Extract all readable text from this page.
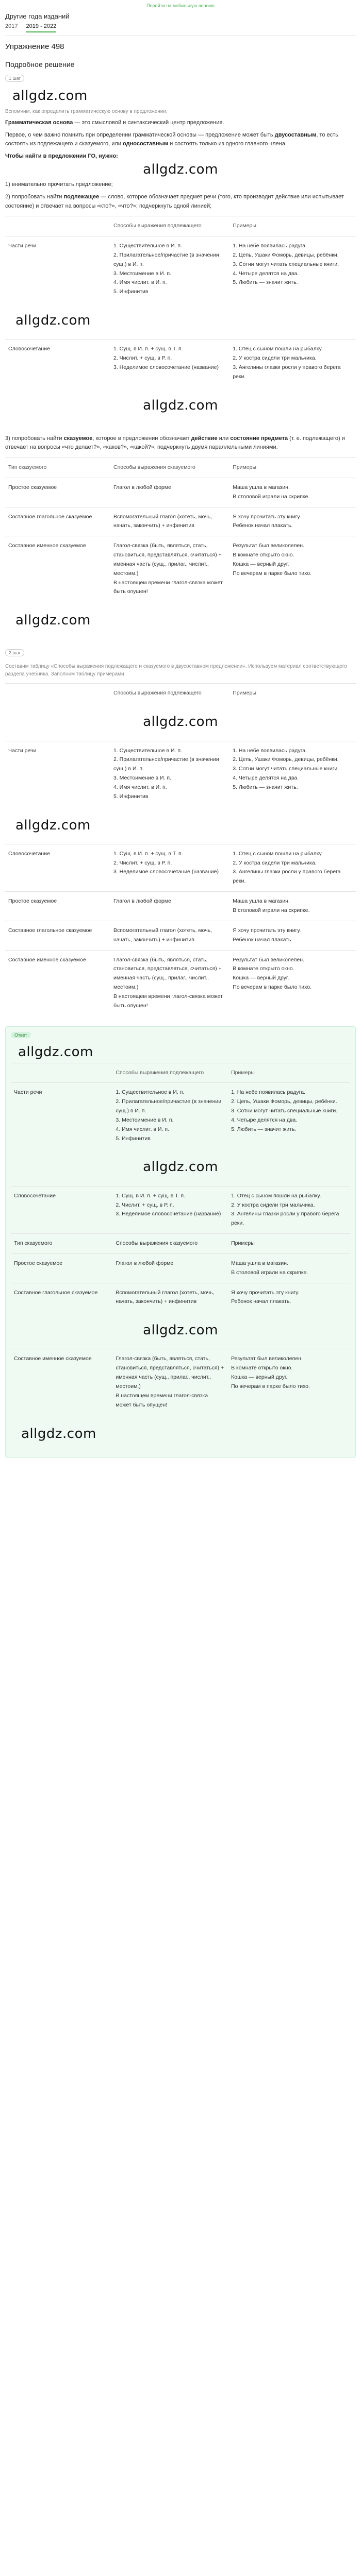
Перейти на мобильную версию
Другие года изданий
2017 2019 - 2022
Упражнение 498
Подробное решение
1 шаг
allgdz.com

Вспомним, как определить грамматическую основу в предложении.

Грамматическая основа — это смысловой и синтаксический центр предложения.

Первое, о чем важно помнить при определении грамматической основы — предложение может быть двусоставным, то есть состоять из подлежащего и сказуемого, или односоставным и состоять только из одного главного члена.

Чтобы найти в предложении ГО, нужно:

allgdz.com

1) внимательно прочитать предложение;

2) попробовать найти подлежащее — слово, которое обозначает предмет речи (того, кто производит действие или испытывает состояние) и отвечает на вопросы «кто?», «что?»; подчеркнуть одной линией;

	Способы выражения подлежащего	Примеры
Части речи	1. Существительное в И. п.
2. Прилагательное/причастие (в значении сущ.) в И. п.
3. Местоимение в И. п.
4. Имя числит. в И. п.
5. Инфинитив	1. На небе появилась радуга.
2. Цепь, Ушаки Фоморь, девицы, ребёнки.
3. Сотни могут читать специальные книги.
4. Четыре делятся на два.
5. Любить — значит жить.

allgdz.com		

Словосочетание	1. Сущ. в И. п. + сущ. в Т. п.
2. Числит. + сущ. в Р. п.
3. Неделимое словосочетание (название)	1. Отец с сыном пошли на рыбалку.
2. У костра сидели три мальчика.
3. Ангелины глазки росли у правого берега реки.

allgdz.com		

3) попробовать найти сказуемое, которое в предложении обозначает действие или состояние предмета (т. е. подлежащего) и отвечает на вопросы «что делает?», «каков?», «какой?»; подчеркнуть двумя параллельными линиями.

Тип сказуемого	Способы выражения сказуемого	Примеры
Простое сказуемое	Глагол в любой форме	Маша ушла в магазин.
В столовой играли на скрипке.
Составное глагольное сказуемое	Вспомогательный глагол (хотеть, мочь, начать, закончить) + инфинитив	Я хочу прочитать эту книгу.
Ребенок начал плакать.
Составное именное сказуемое	Глагол-связка (быть, являться, стать, становиться, представляться, считаться) + именная часть (сущ., прилаг., числит., местоим.)
В настоящем времени глагол-связка может быть опущен!	Результат был великолепен.
В комнате открыто окно.
Кошка — верный друг.
По вечерам в парке было тихо.

allgdz.com		
2 шаг

Составим таблицу «Способы выражения подлежащего и сказуемого в двусоставном предложении». Используем материал соответствующего раздела учебника. Заполним таблицу примерами.

	Способы выражения подлежащего	Примеры

allgdz.com		

Части речи	1. Существительное в И. п.
2. Прилагательное/причастие (в значении сущ.) в И. п.
3. Местоимение в И. п.
4. Имя числит. в И. п.
5. Инфинитив	1. На небе появилась радуга.
2. Цепь, Ушаки Фоморь, девицы, ребёнки.
3. Сотни могут читать специальные книги.
4. Четыре делятся на два.
5. Любить — значит жить.

allgdz.com		

Словосочетание	1. Сущ. в И. п. + сущ. в Т. п.
2. Числит. + сущ. в Р. п.
3. Неделимое словосочетание (название)	1. Отец с сыном пошли на рыбалку.
2. У костра сидели три мальчика.
3. Ангелины глазки росли у правого берега реки.
Простое сказуемое	Глагол в любой форме	Маша ушла в магазин.
В столовой играли на скрипке.
Составное глагольное сказуемое	Вспомогательный глагол (хотеть, мочь, начать, закончить) + инфинитив	Я хочу прочитать эту книгу.
Ребенок начал плакать.
Составное именное сказуемое	Глагол-связка (быть, являться, стать, становиться, представляться, считаться) + именная часть (сущ., прилаг., числит., местоим.)
В настоящем времени глагол-связка может быть опущен!	Результат был великолепен.
В комнате открыто окно.
Кошка — верный друг.
По вечерам в парке было тихо.
Ответ
allgdz.com
	Способы выражения подлежащего	Примеры
Части речи	1. Существительное в И. п.
2. Прилагательное/причастие (в значении сущ.) в И. п.
3. Местоимение в И. п.
4. Имя числит. в И. п.
5. Инфинитив	1. На небе появилась радуга.
2. Цепь, Ушаки Фоморь, девицы, ребёнки.
3. Сотни могут читать специальные книги.
4. Четыре делятся на два.
5. Любить — значит жить.

allgdz.com		

Словосочетание	1. Сущ. в И. п. + сущ. в Т. п.
2. Числит. + сущ. в Р. п.
3. Неделимое словосочетание (название)	1. Отец с сыном пошли на рыбалку.
2. У костра сидели три мальчика.
3. Ангелины глазки росли у правого берега реки.
Тип сказуемого	Способы выражения сказуемого	Примеры
Простое сказуемое	Глагол в любой форме	Маша ушла в магазин.
В столовой играли на скрипке.
Составное глагольное сказуемое	Вспомогательный глагол (хотеть, мочь, начать, закончить) + инфинитив	Я хочу прочитать эту книгу.
Ребенок начал плакать.

allgdz.com		

Составное именное сказуемое	Глагол-связка (быть, являться, стать, становиться, представляться, считаться) + именная часть (сущ., прилаг., числит., местоим.)
В настоящем времени глагол-связка может быть опущен!	Результат был великолепен.
В комнате открыто окно.
Кошка — верный друг.
По вечерам в парке было тихо.

allgdz.com		
